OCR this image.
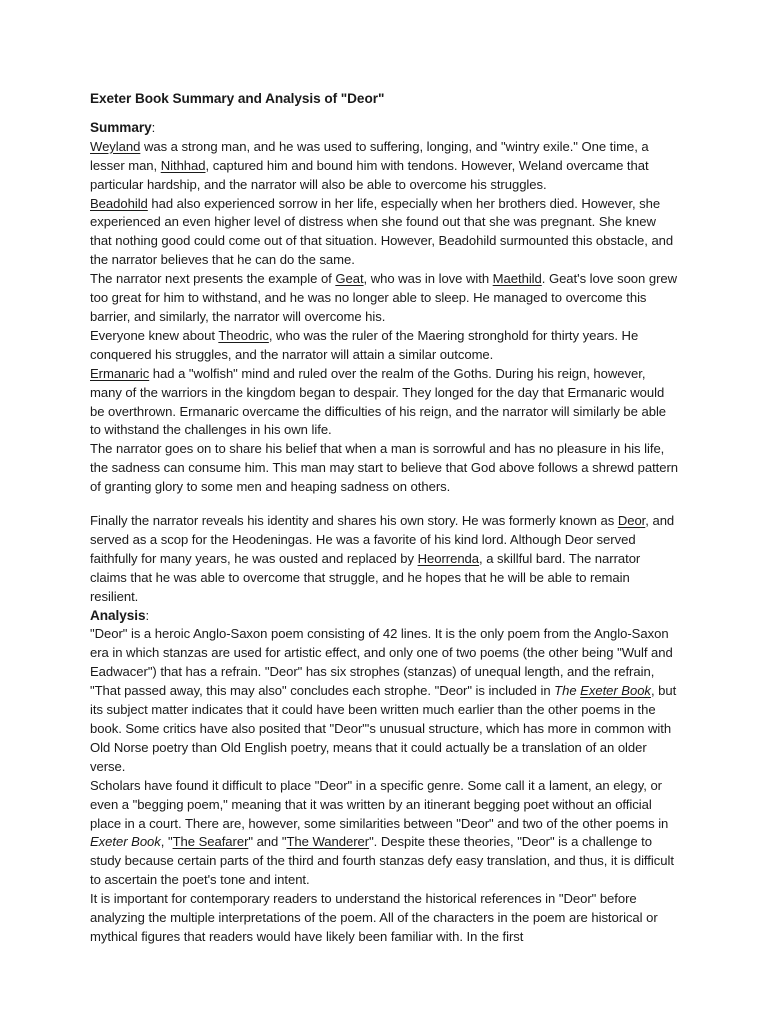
Exeter Book Summary and Analysis of "Deor"
Summary:

Weyland was a strong man, and he was used to suffering, longing, and "wintry exile." One time, a lesser man, Nithhad, captured him and bound him with tendons. However, Weland overcame that particular hardship, and the narrator will also be able to overcome his struggles.

Beadohild had also experienced sorrow in her life, especially when her brothers died. However, she experienced an even higher level of distress when she found out that she was pregnant. She knew that nothing good could come out of that situation. However, Beadohild surmounted this obstacle, and the narrator believes that he can do the same.

The narrator next presents the example of Geat, who was in love with Maethild. Geat's love soon grew too great for him to withstand, and he was no longer able to sleep. He managed to overcome this barrier, and similarly, the narrator will overcome his.

Everyone knew about Theodric, who was the ruler of the Maering stronghold for thirty years. He conquered his struggles, and the narrator will attain a similar outcome.

Ermanaric had a "wolfish" mind and ruled over the realm of the Goths. During his reign, however, many of the warriors in the kingdom began to despair. They longed for the day that Ermanaric would be overthrown. Ermanaric overcame the difficulties of his reign, and the narrator will similarly be able to withstand the challenges in his own life.

The narrator goes on to share his belief that when a man is sorrowful and has no pleasure in his life, the sadness can consume him. This man may start to believe that God above follows a shrewd pattern of granting glory to some men and heaping sadness on others.

Finally the narrator reveals his identity and shares his own story. He was formerly known as Deor, and served as a scop for the Heodeningas. He was a favorite of his kind lord. Although Deor served faithfully for many years, he was ousted and replaced by Heorrenda, a skillful bard. The narrator claims that he was able to overcome that struggle, and he hopes that he will be able to remain resilient.

Analysis:

"Deor" is a heroic Anglo-Saxon poem consisting of 42 lines. It is the only poem from the Anglo-Saxon era in which stanzas are used for artistic effect, and only one of two poems (the other being "Wulf and Eadwacer") that has a refrain. "Deor" has six strophes (stanzas) of unequal length, and the refrain, "That passed away, this may also" concludes each strophe. "Deor" is included in The Exeter Book, but its subject matter indicates that it could have been written much earlier than the other poems in the book. Some critics have also posited that "Deor"'s unusual structure, which has more in common with Old Norse poetry than Old English poetry, means that it could actually be a translation of an older verse.

Scholars have found it difficult to place "Deor" in a specific genre. Some call it a lament, an elegy, or even a "begging poem," meaning that it was written by an itinerant begging poet without an official place in a court. There are, however, some similarities between "Deor" and two of the other poems in Exeter Book, "The Seafarer" and "The Wanderer". Despite these theories, "Deor" is a challenge to study because certain parts of the third and fourth stanzas defy easy translation, and thus, it is difficult to ascertain the poet's tone and intent.

It is important for contemporary readers to understand the historical references in "Deor" before analyzing the multiple interpretations of the poem. All of the characters in the poem are historical or mythical figures that readers would have likely been familiar with. In the first
